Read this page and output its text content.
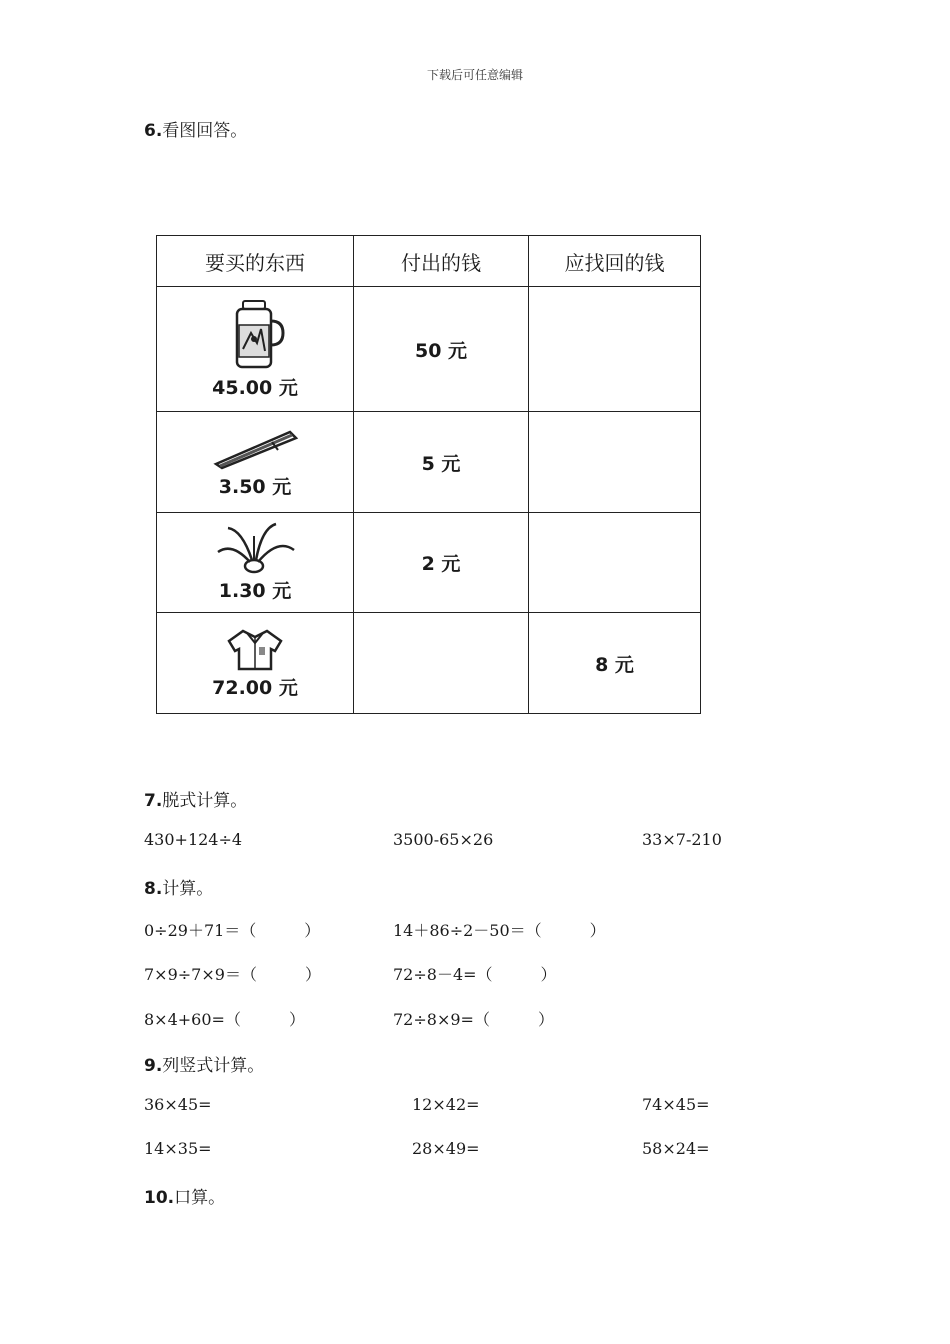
下载后可任意编辑
6.看图回答。
要买的东西	付出的钱	应找回的钱

45.00 元	50 元	

3.50 元	5 元	

1.30 元	2 元	

72.00 元		8 元
7.脱式计算。
430+124÷4	3500-65×26	33×7-210
8.计算。
0÷29＋71＝（　　　）	14＋86÷2－50＝（　　　）
7×9÷7×9＝（　　　）	72÷8－4=（　　　）
8×4+60=（　　　）	72÷8×9=（　　　）
9.列竖式计算。
36×45=	12×42=	74×45=
14×35=	28×49=	58×24=
10.口算。
